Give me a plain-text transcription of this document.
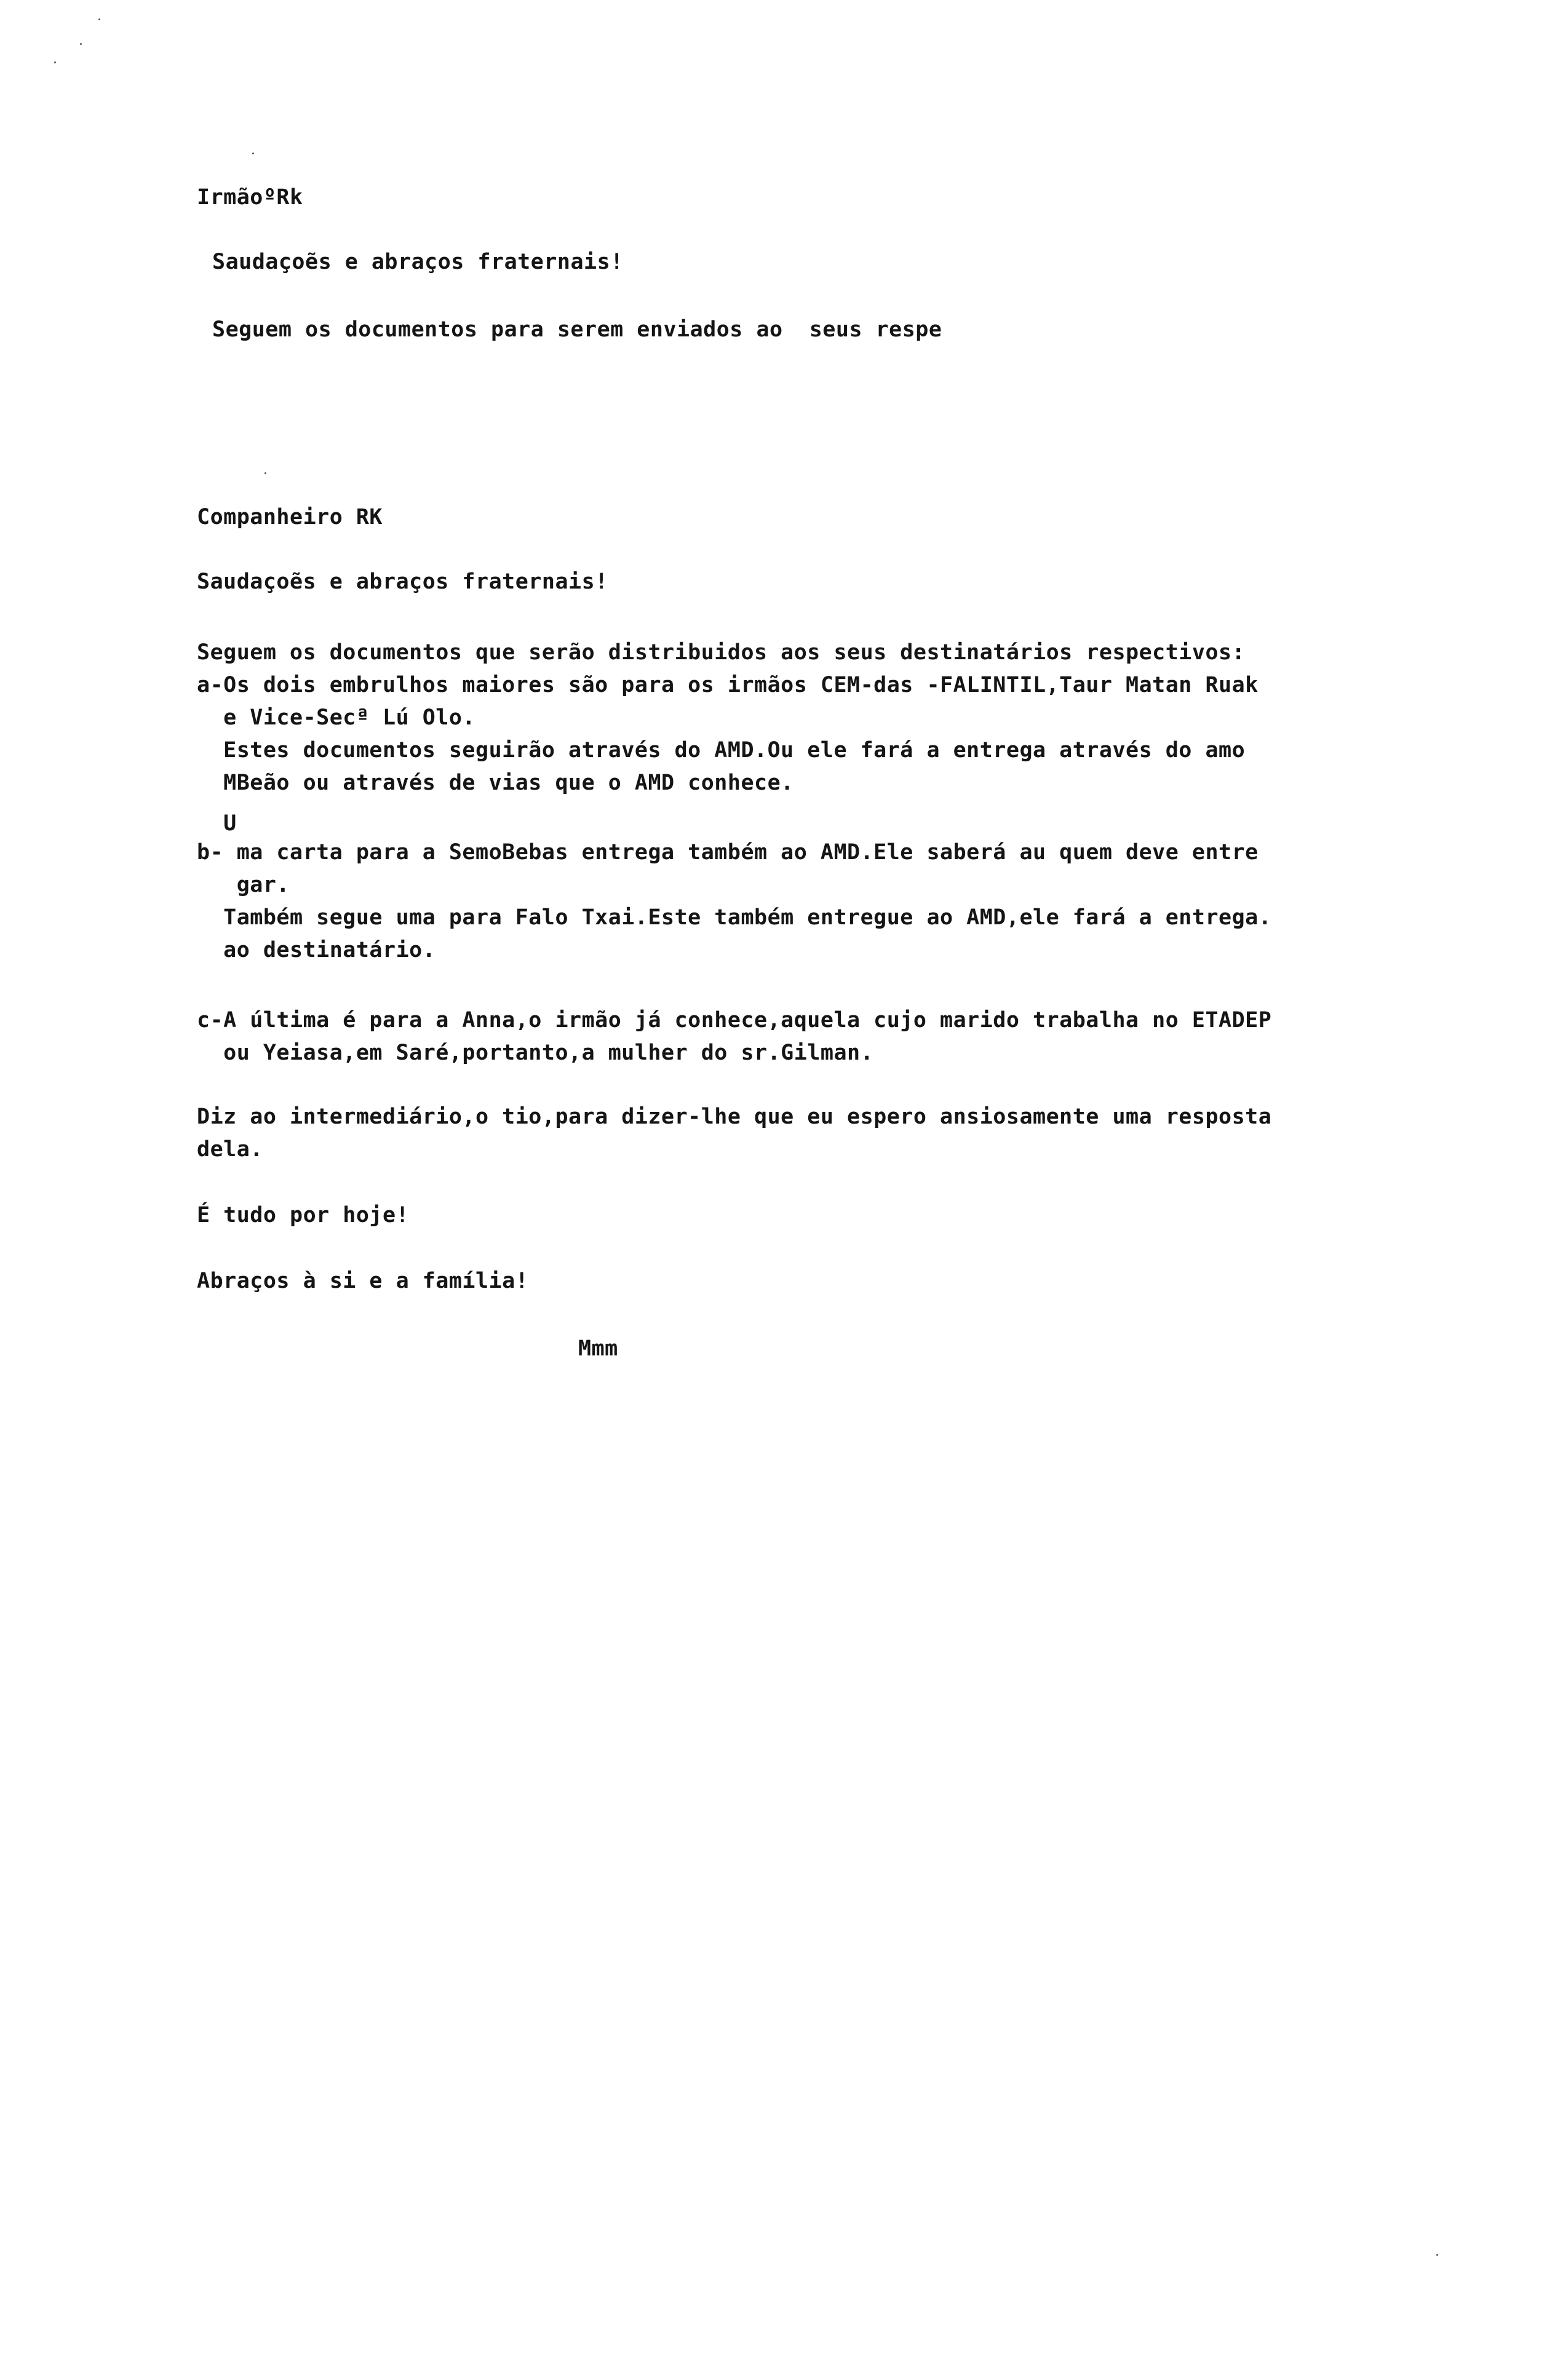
IrmãoºRk

Saudaçoẽs e abraços fraternais!

Seguem os documentos para serem enviados ao  seus respe

Companheiro RK

Saudaçoẽs e abraços fraternais!

Seguem os documentos que serão distribuidos aos seus destinatários respectivos:

a-Os dois embrulhos maiores são para os irmãos CEM-das -FALINTIL,Taur Matan Ruak

e Vice-Secª Lú Olo.

Estes documentos seguirão através do AMD.Ou ele fará a entrega através do amo

MBeão ou através de vias que o AMD conhece.

U

b- ma carta para a SemoBebas entrega também ao AMD.Ele saberá au quem deve entre

gar.

Também segue uma para Falo Txai.Este também entregue ao AMD,ele fará a entrega.

ao destinatário.

c-A última é para a Anna,o irmão já conhece,aquela cujo marido trabalha no ETADEP

ou Yeiasa,em Saré,portanto,a mulher do sr.Gilman.

Diz ao intermediário,o tio,para dizer-lhe que eu espero ansiosamente uma resposta

dela.

É tudo por hoje!

Abraços à si e a família!

Mmm
